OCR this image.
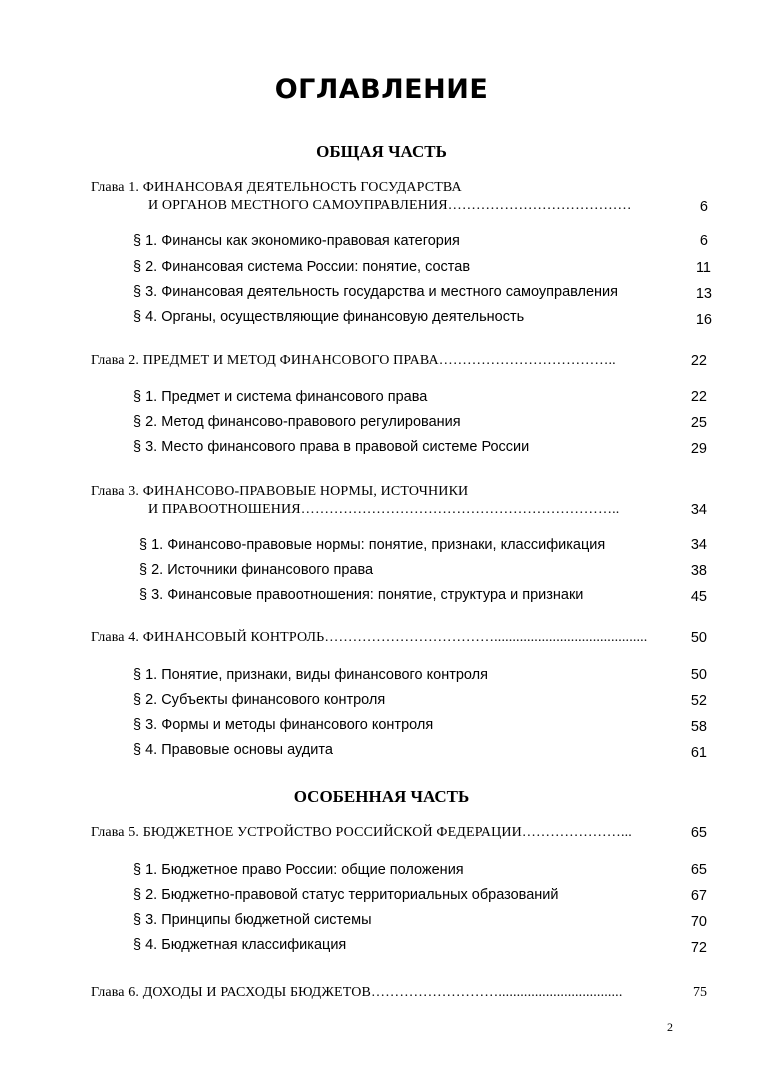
ОГЛАВЛЕНИЕ
ОБЩАЯ ЧАСТЬ
Глава 1. ФИНАНСОВАЯ ДЕЯТЕЛЬНОСТЬ ГОСУДАРСТВА
И ОРГАНОВ МЕСТНОГО САМОУПРАВЛЕНИЯ…………………………………	6
§ 1. Финансы как экономико-правовая категория	6
§ 2. Финансовая система России: понятие, состав	11
§ 3. Финансовая деятельность государства и местного самоуправления	13
§ 4. Органы, осуществляющие финансовую деятельность	16
Глава 2. ПРЕДМЕТ И МЕТОД ФИНАНСОВОГО ПРАВА………………………………..	22
§ 1. Предмет и система финансового права	22
§ 2. Метод финансово-правового регулирования	25
§ 3. Место финансового права в правовой системе России	29
Глава 3. ФИНАНСОВО-ПРАВОВЫЕ НОРМЫ, ИСТОЧНИКИ
И ПРАВООТНОШЕНИЯ…………………………………………………………..	34
§ 1. Финансово-правовые нормы: понятие, признаки, классификация	34
§ 2. Источники финансового права	38
§ 3. Финансовые правоотношения: понятие, структура и признаки	45
Глава 4. ФИНАНСОВЫЙ КОНТРОЛЬ………………………………..........................................	50
§ 1. Понятие, признаки, виды финансового контроля	50
§ 2. Субъекты финансового контроля	52
§ 3. Формы и методы финансового контроля	58
§ 4. Правовые основы аудита	61
ОСОБЕННАЯ ЧАСТЬ
Глава 5. БЮДЖЕТНОЕ УСТРОЙСТВО РОССИЙСКОЙ ФЕДЕРАЦИИ…………………...	65
§ 1. Бюджетное право России: общие положения	65
§ 2. Бюджетно-правовой статус территориальных образований	67
§ 3. Принципы бюджетной системы	70
§ 4. Бюджетная классификация	72
Глава 6. ДОХОДЫ И РАСХОДЫ БЮДЖЕТОВ………………………..................................	75
2
